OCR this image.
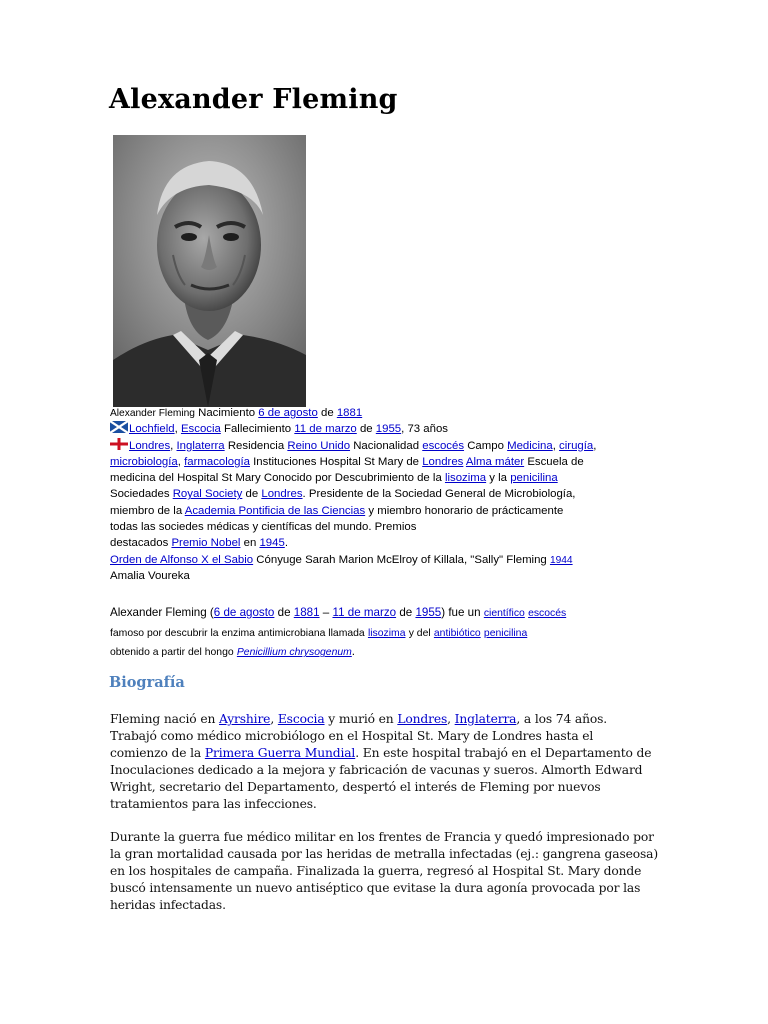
Alexander Fleming
Alexander Fleming Nacimiento 6 de agosto de 1881
Lochfield, Escocia Fallecimiento 11 de marzo de 1955, 73 años
Londres, Inglaterra Residencia Reino Unido Nacionalidad escocés Campo Medicina, cirugía,
microbiología, farmacología Instituciones Hospital St Mary de Londres Alma máter Escuela de
medicina del Hospital St Mary Conocido por Descubrimiento de la lisozima y la penicilina
Sociedades Royal Society de Londres. Presidente de la Sociedad General de Microbiología,
miembro de la Academia Pontificia de las Ciencias y miembro honorario de prácticamente
todas las sociedes médicas y científicas del mundo. Premios
destacados Premio Nobel en 1945.
Orden de Alfonso X el Sabio Cónyuge Sarah Marion McElroy of Killala, "Sally" Fleming 1944
Amalia Voureka
Alexander Fleming (6 de agosto de 1881 – 11 de marzo de 1955) fue un científico escocés
famoso por descubrir la enzima antimicrobiana llamada lisozima y del antibiótico penicilina
obtenido a partir del hongo Penicillium chrysogenum.
Biografía
Fleming nació en Ayrshire, Escocia y murió en Londres, Inglaterra, a los 74 años.
Trabajó como médico microbiólogo en el Hospital St. Mary de Londres hasta el
comienzo de la Primera Guerra Mundial. En este hospital trabajó en el Departamento de
Inoculaciones dedicado a la mejora y fabricación de vacunas y sueros. Almorth Edward
Wright, secretario del Departamento, despertó el interés de Fleming por nuevos
tratamientos para las infecciones.
Durante la guerra fue médico militar en los frentes de Francia y quedó impresionado por
la gran mortalidad causada por las heridas de metralla infectadas (ej.: gangrena gaseosa)
en los hospitales de campaña. Finalizada la guerra, regresó al Hospital St. Mary donde
buscó intensamente un nuevo antiséptico que evitase la dura agonía provocada por las
heridas infectadas.
